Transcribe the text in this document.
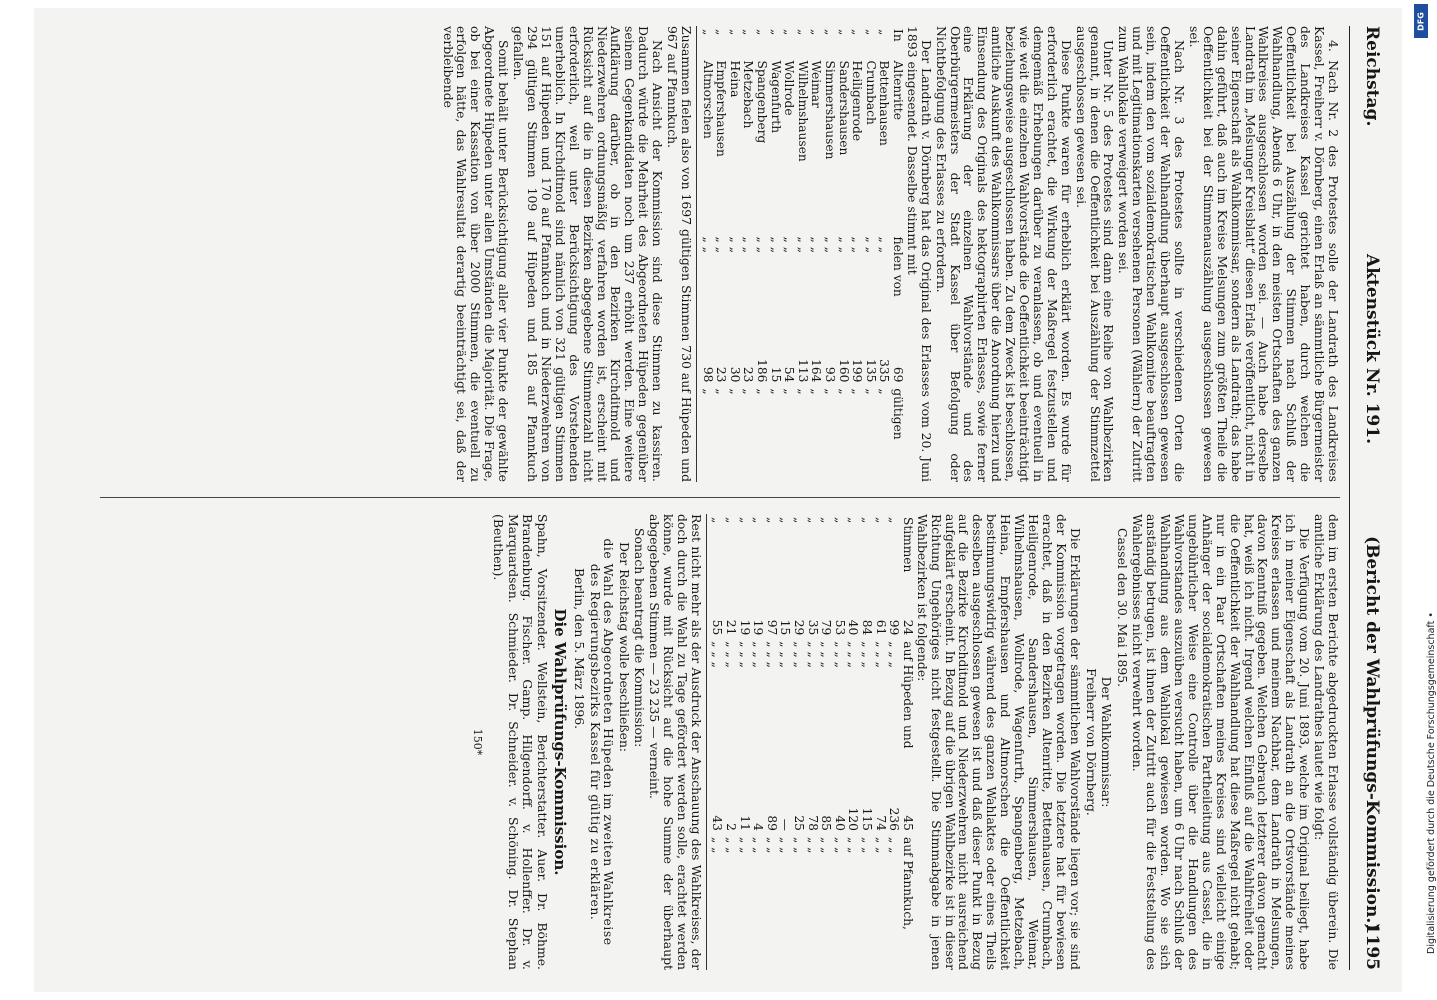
Reichstag.
Aktenstück Nr. 191.
(Bericht der Wahlprüfungs-Kommission.)
1195

4. Nach Nr. 2 des Protestes solle der Landrath des Landkreises Kassel, Freiherr v. Dörnberg, einen Erlaß an sämmtliche Bürgermeister des Landkreises Kassel gerichtet haben, durch welchen die Oeffentlichkeit bei Auszählung der Stimmen nach Schluß der Wahlhandlung, Abends 6 Uhr, in den meisten Ortschaften des ganzen Wahlkreises ausgeschlossen worden sei. — Auch habe derselbe Landrath im „Melsunger Kreisblatt“ diesen Erlaß veröffentlicht, nicht in seiner Eigenschaft als Wahlkommissar, sondern als Landrath; das habe dahin geführt, daß auch im Kreise Melsungen zum größten Theile die Oeffentlichkeit bei der Stimmenauszählung ausgeschlossen gewesen sei.

Nach Nr. 3 des Protestes sollte in verschiedenen Orten die Oeffentlichkeit der Wahlhandlung überhaupt ausgeschlossen gewesen sein, indem den vom sozialdemokratischen Wahlkomitee beauftragten und mit Legitimationskarten versehenen Personen (Wählern) der Zutritt zum Wahllokale verweigert worden sei.

Unter Nr. 5 des Protestes sind dann eine Reihe von Wahlbezirken genannt, in denen die Oeffentlichkeit bei Auszählung der Stimmzettel ausgeschlossen gewesen sei.

Diese Punkte waren für erheblich erklärt worden. Es wurde für erforderlich erachtet, die Wirkung der Maßregel festzustellen und demgemäß Erhebungen darüber zu veranlassen, ob und eventuell in wie weit die einzelnen Wahlvorstände die Oeffentlichkeit beeinträchtigt beziehungsweise ausgeschlossen haben. Zu dem Zweck ist beschlossen, amtliche Auskunft des Wahlkommissars über die Anordnung hierzu und Einsendung des Originals des hektographirten Erlasses, sowie ferner eine Erklärung der einzelnen Wahlvorstände und des Oberbürgermeisters der Stadt Kassel über Befolgung oder Nichtbefolgung des Erlasses zu erfordern.

Der Landrath v. Dörnberg hat das Original des Erlasses vom 20. Juni 1893 eingesendet. Dasselbe stimmt mit

In	Altenritte	fielen von	69	gültigen
„	Bettenhausen	„ „	335	„
„	Crumbach	„ „	135	„
„	Heiligenrode	„ „	199	„
„	Sandershausen	„ „	160	„
„	Simmershausen	„ „	93	„
„	Weimar	„ „	164	„
„	Wilhelmshausen	„ „	113	„
„	Wollrode	„ „	54	„
„	Wagenfurth	„ „	15	„
„	Spangenberg	„ „	186	„
„	Metzebach	„ „	23	„
„	Heina	„ „	30	„
„	Empfershausen	„ „	23	„
„	Altmorschen	„ „	98	„

Zusammen fielen also von 1697 gültigen Stimmen 730 auf Hüpeden und 967 auf Pfannkuch.

Nach Ansicht der Kommission sind diese Stimmen zu kassiren. Dadurch würde die Mehrheit des Abgeordneten Hüpeden gegenüber seinem Gegenkandidaten noch um 237 erhöht werden. Eine weitere Aufklärung darüber, ob in den Bezirken Kirchditmold und Niederzwehren ordnungsmäßig verfahren worden ist, erscheint mit Rücksicht auf die in diesen Bezirken abgegebene Stimmenzahl nicht erforderlich, weil unter Berücksichtigung des Vorstehenden unerheblich. In Kirchditmold sind nämlich von 321 gültigen Stimmen 151 auf Hüpeden und 170 auf Pfannkuch und in Niederzwehren von 294 gültigen Stimmen 109 auf Hüpeden und 185 auf Pfannkuch gefallen.

Somit behält unter Berücksichtigung aller vier Punkte der gewählte Abgeordnete Hüpeden unter allen Umständen die Majorität. Die Frage, ob bei einer Kassation von über 2000 Stimmen, die eventuell zu erfolgen hätte, das Wahlresultat derartig beeinträchtigt sei, daß der verbleibende

dem im ersten Berichte abgedruckten Erlasse vollständig überein. Die amtliche Erklärung des Landrathes lautet wie folgt:

Die Verfügung vom 20. Juni 1893, welche im Original beiliegt, habe ich in meiner Eigenschaft als Landrath an die Ortsvorstände meines Kreises erlassen und meinem Nachbar, dem Landrath in Melsungen, davon Kenntniß gegeben. Welchen Gebrauch letzterer davon gemacht hat, weiß ich nicht. Irgend welchen Einfluß auf die Wahlfreiheit oder die Oeffentlichkeit der Wahlhandlung hat diese Maßregel nicht gehabt; nur in ein Paar Ortschaften meines Kreises sind vielleicht einige Anhänger der socialdemokratischen Partheileitung aus Cassel, die in ungebührlicher Weise eine Controlle über die Handlungen des Wahlvorstandes auszuüben versucht haben, um 6 Uhr nach Schluß der Wahlhandlung aus dem Wahllokal gewiesen worden. Wo sie sich anständig betrugen, ist ihnen der Zutritt auch für die Feststellung des Wahlergebnisses nicht verwehrt worden.

Cassel den 30. Mai 1895.

Der Wahlkommissar:

Freiherr von Dörnberg.

Die Erklärungen der sämmtlichen Wahlvorstände liegen vor; sie sind der Kommission vorgetragen worden. Die letztere hat für bewiesen erachtet, daß in den Bezirken Altenritte, Bettenhausen, Crumbach, Heiligenrode, Sandershausen, Simmershausen, Weimar, Wilhelmshausen, Wollrode, Wagenfurth, Spangenberg, Metzebach, Heina, Empfershausen und Altmorschen die Oeffentlichkeit bestimmungswidrig während des ganzen Wahlaktes oder eines Theils desselben ausgeschlossen gewesen ist und daß dieser Punkt in Bezug auf die Bezirke Kirchditmold und Niederzwehren nicht ausreichend aufgeklärt erscheint. In Bezug auf die übrigen Wahlbezirke ist in dieser Richtung Ungehöriges nicht festgestellt. Die Stimmabgabe in jenen Wahlbezirken ist folgende:

Stimmen	24	auf Hüpeden und	45	auf Pfannkuch,
„	99	„ „ „	236	„ „
„	61	„ „ „	74	„ „
„	84	„ „ „	115	„ „
„	40	„ „ „	120	„ „
„	53	„ „ „	40	„ „
„	79	„ „ „	85	„ „
„	35	„ „ „	78	„ „
„	29	„ „ „	25	„ „
„	15	„ „ „	—	„ „
„	97	„ „ „	89	„ „
„	19	„ „ „	4	„ „
„	19	„ „ „	11	„ „
„	21	„ „ „	2	„ „
„	55	„ „ „	43	„ „

Rest nicht mehr als der Ausdruck der Anschauung des Wahlkreises, der doch durch die Wahl zu Tage gefördert werden solle, erachtet werden könne, wurde mit Rücksicht auf die hohe Summe der überhaupt abgegebenen Stimmen — 23 235 — verneint.

Sonach beantragt die Kommission:

Der Reichstag wolle beschließen:

die Wahl des Abgeordneten Hüpeden im zweiten Wahlkreise des Regierungsbezirks Kassel für gültig zu erklären.

Berlin, den 5. März 1896.

Die Wahlprüfungs-Kommission.

Spahn, Vorsitzender. Wellstein, Berichterstatter. Auer. Dr. Böhme. Brandenburg. Fischer. Gamp. Hilgendorff. v. Hollenffer. Dr. v. Marquardsen. Schmieder. Dr. Schneider. v. Schöning. Dr. Stephan (Beuthen).

150*

DFG
Digitalisierung gefördert durch die Deutsche Forschungsgemeinschaft •
